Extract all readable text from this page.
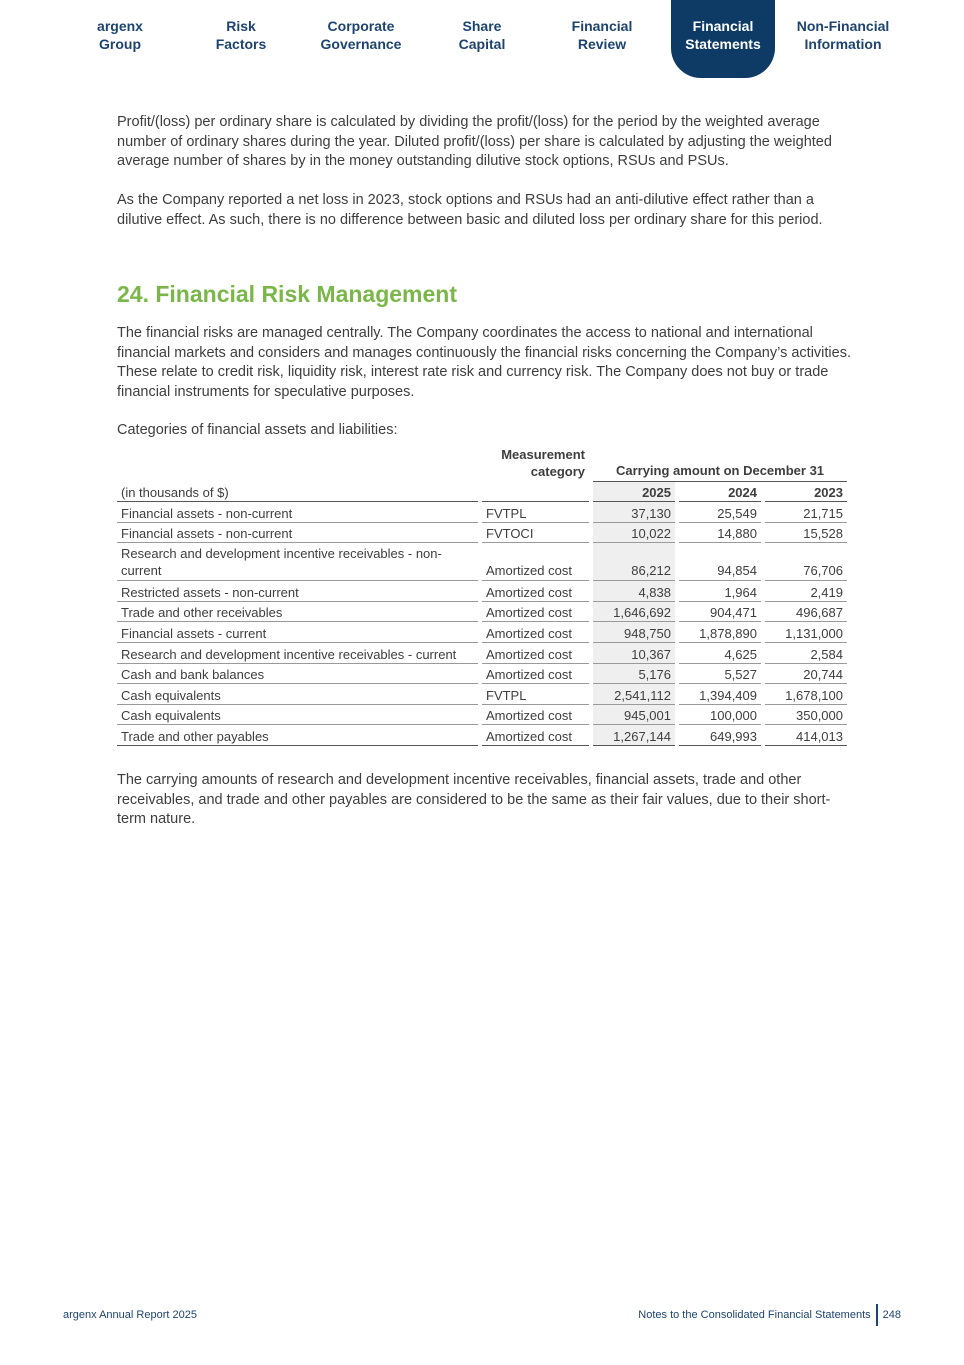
argenx
Group
Risk
Factors
Corporate
Governance
Share
Capital
Financial
Review
Financial
Statements
Non-Financial
Information

Profit/(loss) per ordinary share is calculated by dividing the profit/(loss) for the period by the weighted average number of ordinary shares during the year. Diluted profit/(loss) per share is calculated by adjusting the weighted average number of shares by in the money outstanding dilutive stock options, RSUs and PSUs.

As the Company reported a net loss in 2023, stock options and RSUs had an anti-dilutive effect rather than a dilutive effect. As such, there is no difference between basic and diluted loss per ordinary share for this period.

24. Financial Risk Management

The financial risks are managed centrally. The Company coordinates the access to national and international financial markets and considers and manages continuously the financial risks concerning the Company’s activities. These relate to credit risk, liquidity risk, interest rate risk and currency risk. The Company does not buy or trade financial instruments for speculative purposes.

Categories of financial assets and liabilities:

		Measurement
category		Carrying amount on December 31				
(in thousands of $)				2025		2024		2023
Financial assets - non-current		FVTPL		37,130		25,549		21,715
Financial assets - non-current		FVTOCI		10,022		14,880		15,528
Research and development incentive receivables - non-current		Amortized cost		86,212		94,854		76,706
Restricted assets - non-current		Amortized cost		4,838		1,964		2,419
Trade and other receivables		Amortized cost		1,646,692		904,471		496,687
Financial assets - current		Amortized cost		948,750		1,878,890		1,131,000
Research and development incentive receivables - current		Amortized cost		10,367		4,625		2,584
Cash and bank balances		Amortized cost		5,176		5,527		20,744
Cash equivalents		FVTPL		2,541,112		1,394,409		1,678,100
Cash equivalents		Amortized cost		945,001		100,000		350,000
Trade and other payables		Amortized cost		1,267,144		649,993		414,013

The carrying amounts of research and development incentive receivables, financial assets, trade and other receivables, and trade and other payables are considered to be the same as their fair values, due to their short-term nature.

argenx Annual Report 2025	Notes to the Consolidated Financial Statements 248
